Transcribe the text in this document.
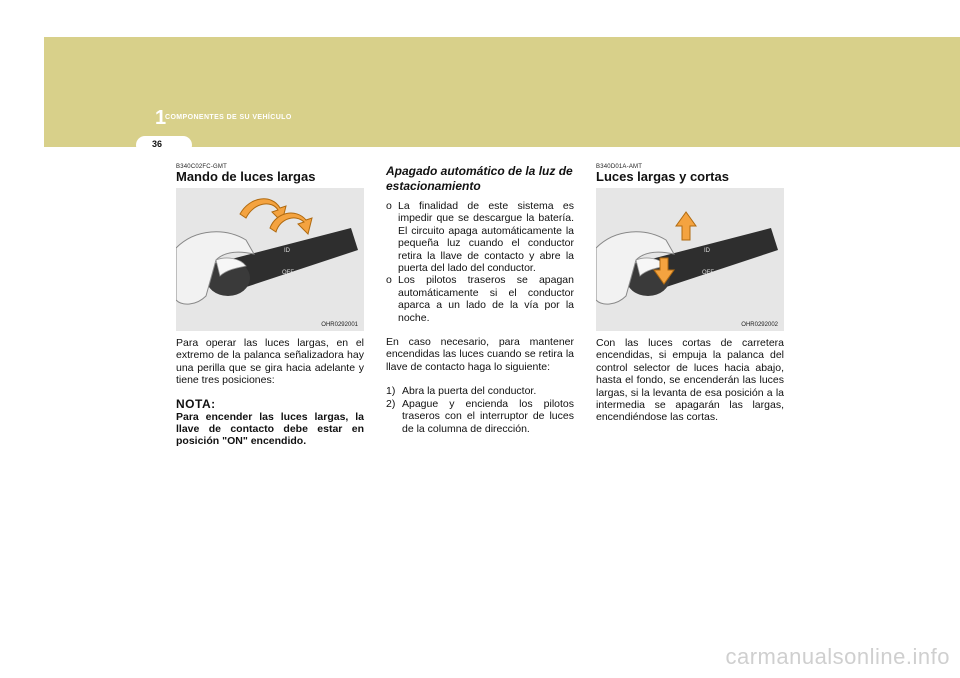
1
COMPONENTES DE SU VEHÍCULO
36
B340C02FC-GMT
Mando de luces largas
ID
OFF
OHR0292001

Para operar las luces largas, en el extremo de la palanca señalizadora hay una perilla que se gira hacia adelante y tiene tres posiciones:

NOTA:

Para encender las luces largas, la llave de contacto debe estar en posición "ON" encendido.

Apagado automático de la luz de estacionamiento
o La finalidad de este sistema es impedir que se descargue la batería. El circuito apaga automáticamente la pequeña luz cuando el conductor retira la llave de contacto y abre la puerta del lado del conductor.
o Los pilotos traseros se apagan automáticamente si el conductor aparca a un lado de la vía por la noche.

En caso necesario, para mantener encendidas las luces cuando se retira la llave de contacto haga lo siguiente:

1) Abra la puerta del conductor.
2) Apague y encienda los pilotos traseros con el interruptor de luces de la columna de dirección.
B340D01A-AMT
Luces largas y cortas
ID
OFF
OHR0292002

Con las luces cortas de carretera encendidas, si empuja la palanca del control selector de luces hacia abajo, hasta el fondo, se encenderán las luces largas, si la levanta de esa posición a la intermedia se apagarán las largas, encendiéndose las cortas.

carmanualsonline.info
